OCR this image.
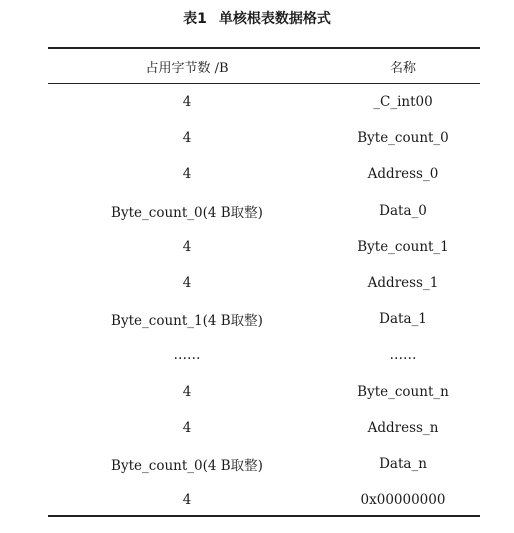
表1 单核根表数据格式
占用字节数 /B	名称
4	_C_int00
4	Byte_count_0
4	Address_0
Byte_count_0(4 B取整)	Data_0
4	Byte_count_1
4	Address_1
Byte_count_1(4 B取整)	Data_1
……	……
4	Byte_count_n
4	Address_n
Byte_count_0(4 B取整)	Data_n
4	0x00000000
